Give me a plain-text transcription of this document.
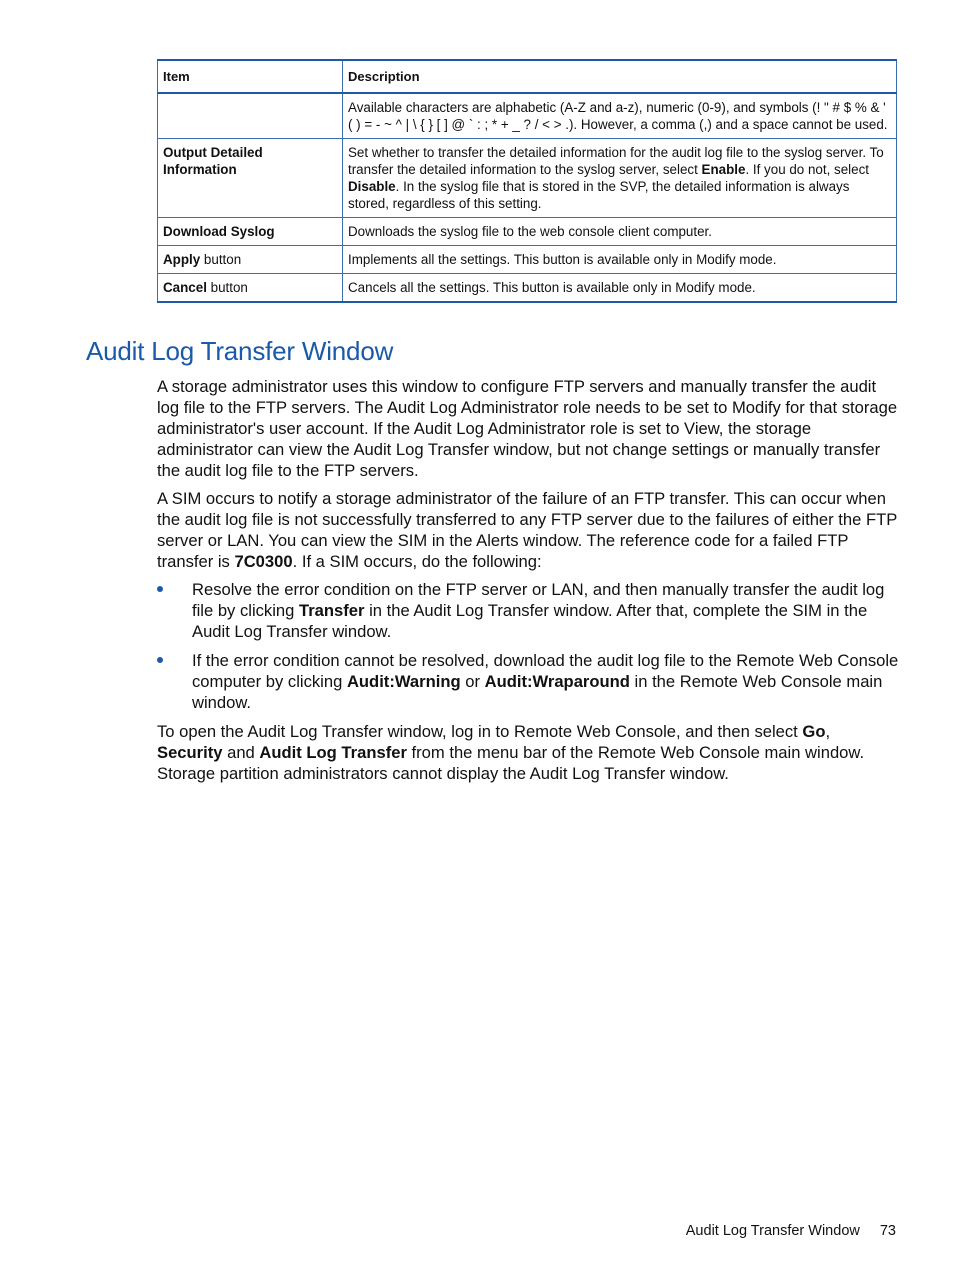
Item	Description
	Available characters are alphabetic (A-Z and a-z), numeric (0-9), and symbols (! " # $ % & ' ( ) = - ~ ^ | \ { } [ ] @ ` : ; * + _ ? / < > .). However, a comma (,) and a space cannot be used.
Output Detailed Information	Set whether to transfer the detailed information for the audit log file to the syslog server. To transfer the detailed information to the syslog server, select Enable. If you do not, select Disable. In the syslog file that is stored in the SVP, the detailed information is always stored, regardless of this setting.
Download Syslog	Downloads the syslog file to the web console client computer.
Apply button	Implements all the settings. This button is available only in Modify mode.
Cancel button	Cancels all the settings. This button is available only in Modify mode.
Audit Log Transfer Window

A storage administrator uses this window to configure FTP servers and manually transfer the audit log file to the FTP servers. The Audit Log Administrator role needs to be set to Modify for that storage administrator's user account. If the Audit Log Administrator role is set to View, the storage administrator can view the Audit Log Transfer window, but not change settings or manually transfer the audit log file to the FTP servers.

A SIM occurs to notify a storage administrator of the failure of an FTP transfer. This can occur when the audit log file is not successfully transferred to any FTP server due to the failures of either the FTP server or LAN. You can view the SIM in the Alerts window. The reference code for a failed FTP transfer is 7C0300. If a SIM occurs, do the following:

Resolve the error condition on the FTP server or LAN, and then manually transfer the audit log file by clicking Transfer in the Audit Log Transfer window. After that, complete the SIM in the Audit Log Transfer window.
If the error condition cannot be resolved, download the audit log file to the Remote Web Console computer by clicking Audit:Warning or Audit:Wraparound in the Remote Web Console main window.

To open the Audit Log Transfer window, log in to Remote Web Console, and then select Go, Security and Audit Log Transfer from the menu bar of the Remote Web Console main window. Storage partition administrators cannot display the Audit Log Transfer window.

Audit Log Transfer Window 73
